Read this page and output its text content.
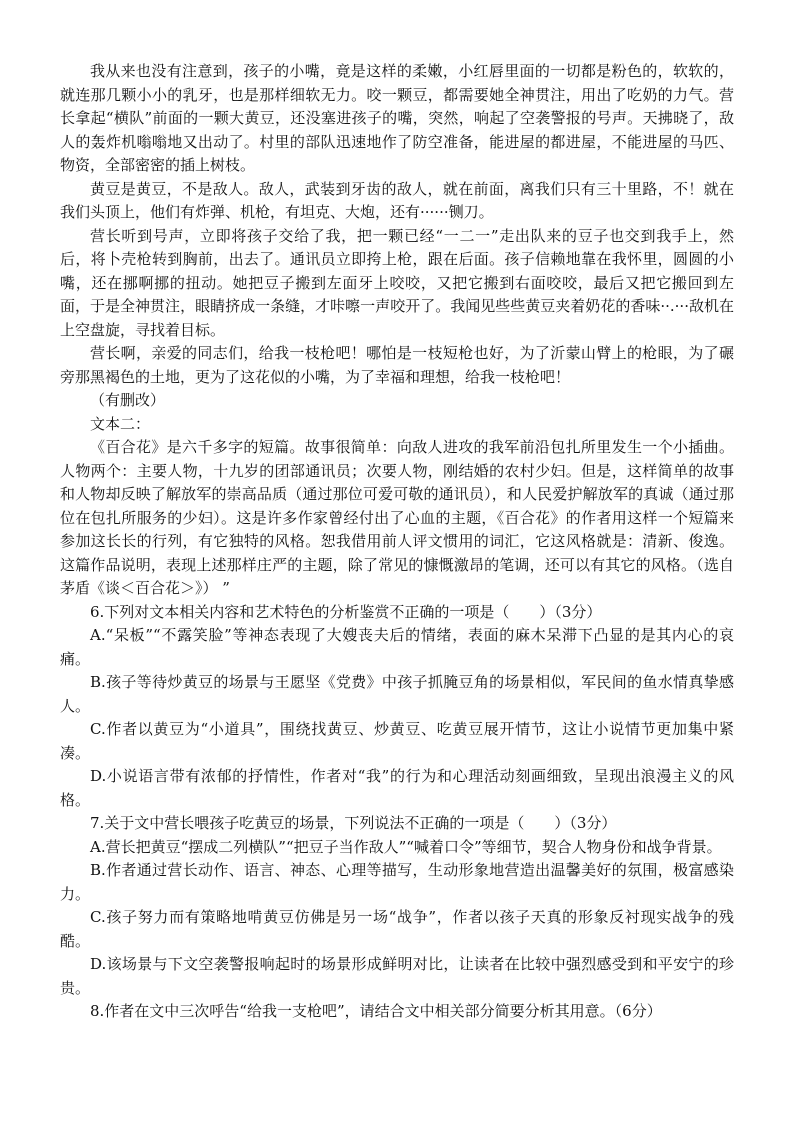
我从来也没有注意到，孩子的小嘴，竟是这样的柔嫩，小红唇里面的一切都是粉色的，软软的，就连那几颗小小的乳牙，也是那样细软无力。咬一颗豆，都需要她全神贯注，用出了吃奶的力气。营长拿起“横队”前面的一颗大黄豆，还没塞进孩子的嘴，突然，响起了空袭警报的号声。天拂晓了，敌人的轰炸机嗡嗡地又出动了。村里的部队迅速地作了防空准备，能进屋的都进屋，不能进屋的马匹、物资，全部密密的插上树枝。

黄豆是黄豆，不是敌人。敌人，武装到牙齿的敌人，就在前面，离我们只有三十里路，不！就在我们头顶上，他们有炸弹、机枪，有坦克、大炮，还有······铡刀。

营长听到号声，立即将孩子交给了我，把一颗已经“一二一”走出队来的豆子也交到我手上，然后，将卜壳枪转到胸前，出去了。通讯员立即挎上枪，跟在后面。孩子信赖地靠在我怀里，圆圆的小嘴，还在挪啊挪的扭动。她把豆子搬到左面牙上咬咬，又把它搬到右面咬咬，最后又把它搬回到左面，于是全神贯注，眼睛挤成一条缝，才咔嚓一声咬开了。我闻见些些黄豆夹着奶花的香味··.···敌机在上空盘旋，寻找着目标。

营长啊，亲爱的同志们，给我一枝枪吧！哪怕是一枝短枪也好，为了沂蒙山臂上的枪眼，为了碾旁那黑褐色的土地，更为了这花似的小嘴，为了幸福和理想，给我一枝枪吧！

（有删改）

文本二：

《百合花》是六千多字的短篇。故事很简单：向敌人进攻的我军前沿包扎所里发生一个小插曲。人物两个：主要人物，十九岁的团部通讯员；次要人物，刚结婚的农村少妇。但是，这样简单的故事和人物却反映了解放军的崇高品质（通过那位可爱可敬的通讯员），和人民爱护解放军的真诚（通过那位在包扎所服务的少妇）。这是许多作家曾经付出了心血的主题，《百合花》的作者用这样一个短篇来参加这长长的行列，有它独特的风格。恕我借用前人评文惯用的词汇，它这风格就是：清新、俊逸。这篇作品说明，表现上述那样庄严的主题，除了常见的慷慨激昂的笔调，还可以有其它的风格。（选自茅盾《谈＜百合花＞》） ”

6.下列对文本相关内容和艺术特色的分析鉴赏不正确的一项是（　　）（3分）

A.“呆板”“不露笑脸”等神态表现了大嫂丧夫后的情绪，表面的麻木呆滞下凸显的是其内心的哀痛。

B.孩子等待炒黄豆的场景与王愿坚《党费》中孩子抓腌豆角的场景相似，军民间的鱼水情真挚感人。

C.作者以黄豆为“小道具”，围绕找黄豆、炒黄豆、吃黄豆展开情节，这让小说情节更加集中紧凑。

D.小说语言带有浓郁的抒情性，作者对“我”的行为和心理活动刻画细致，呈现出浪漫主义的风格。

7.关于文中营长喂孩子吃黄豆的场景，下列说法不正确的一项是（　　）（3分）

A.营长把黄豆“摆成二列横队”“把豆子当作敌人”“喊着口令”等细节，契合人物身份和战争背景。

B.作者通过营长动作、语言、神态、心理等描写，生动形象地营造出温馨美好的氛围，极富感染力。

C.孩子努力而有策略地啃黄豆仿佛是另一场“战争”，作者以孩子天真的形象反衬现实战争的残酷。

D.该场景与下文空袭警报响起时的场景形成鲜明对比，让读者在比较中强烈感受到和平安宁的珍贵。

8.作者在文中三次呼告“给我一支枪吧”，请结合文中相关部分简要分析其用意。（6分）
